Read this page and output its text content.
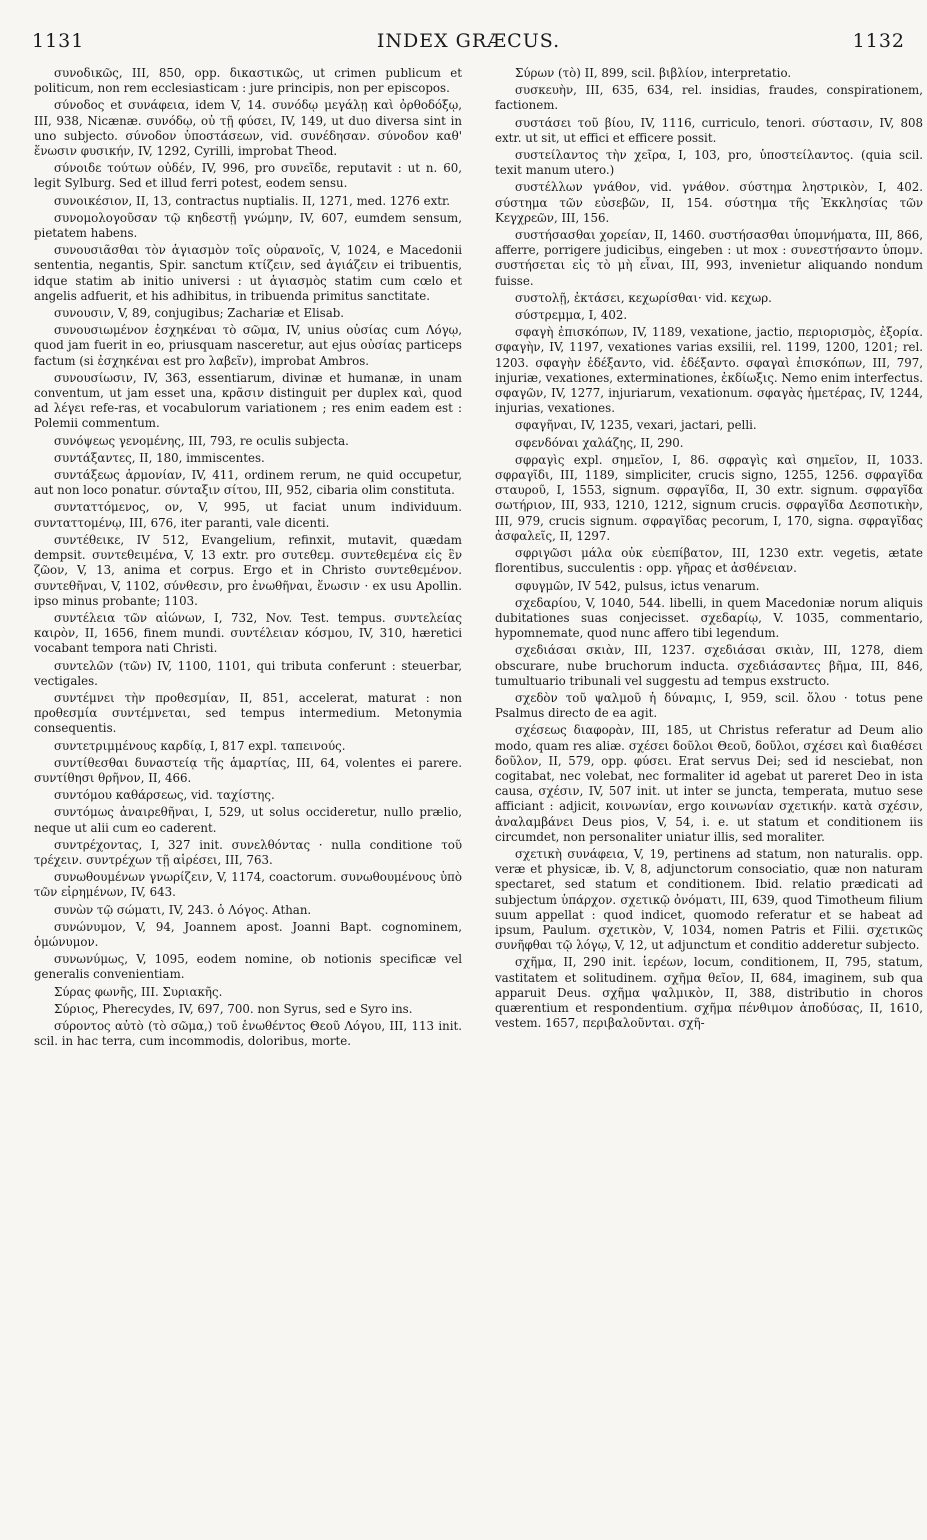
1131	INDEX GRÆCUS.	1132

συνοδικῶς, III, 850, opp. δικαστικῶς, ut crimen publicum et politicum, non rem ecclesiasticam : jure principis, non per episcopos.

σύνοδος et συνάφεια, idem V, 14. συνόδῳ μεγάλῃ καὶ ὀρθοδόξῳ, III, 938, Nicænæ. συνόδῳ, οὐ τῇ φύσει, IV, 149, ut duo diversa sint in uno subjecto. σύνοδον ὑποστάσεων, vid. συνέδησαν. σύνοδον καθ' ἕνωσιν φυσικήν, IV, 1292, Cyrilli, improbat Theod.

σύνοιδε τούτων οὐδέν, IV, 996, pro συνεῖδε, reputavit : ut n. 60, legit Sylburg. Sed et illud ferri potest, eodem sensu.

συνοικέσιον, II, 13, contractus nuptialis. II, 1271, med. 1276 extr.

συνομολογοῦσαν τῷ κηδεστῇ γνώμην, IV, 607, eumdem sensum, pietatem habens.

συνουσιᾶσθαι τὸν ἁγιασμὸν τοῖς οὐρανοῖς, V, 1024, e Macedonii sententia, negantis, Spir. sanctum κτίζειν, sed ἁγιάζειν ei tribuentis, idque statim ab initio universi : ut ἁγιασμὸς statim cum cœlo et angelis adfuerit, et his adhibitus, in tribuenda primitus sanctitate.

συνουσιν, V, 89, conjugibus; Zachariæ et Elisab.

συνουσιωμένον ἐσχηκέναι τὸ σῶμα, IV, unius οὐσίας cum Λόγῳ, quod jam fuerit in eo, priusquam nasceretur, aut ejus οὐσίας particeps factum (si ἐσχηκέναι est pro λαβεῖν), improbat Ambros.

συνουσίωσιν, IV, 363, essentiarum, divinæ et humanæ, in unam conventum, ut jam esset una, κρᾶσιν distinguit per duplex καὶ, quod ad λέγει refe-ras, et vocabulorum variationem ; res enim eadem est : Polemii commentum.

συνόψεως γενομένης, III, 793, re oculis subjecta.

συντάξαντες, II, 180, immiscentes.

συντάξεως ἁρμονίαν, IV, 411, ordinem rerum, ne quid occupetur, aut non loco ponatur. σύνταξιν σίτου, III, 952, cibaria olim constituta.

συνταττόμενος, ον, V, 995, ut faciat unum individuum. συνταττομένῳ, III, 676, iter paranti, vale dicenti.

συντέθεικε, IV 512, Evangelium, refinxit, mutavit, quædam dempsit. συντεθειμένα, V, 13 extr. pro συτεθεμ. συντεθεμένα εἰς ἓν ζῶον, V, 13, anima et corpus. Ergo et in Christo συντεθεμένον. συντεθῆναι, V, 1102, σύνθεσιν, pro ἑνωθῆναι, ἕνωσιν · ex usu Apollin. ipso minus probante; 1103.

συντέλεια τῶν αἰώνων, I, 732, Nov. Test. tempus. συντελείας καιρὸν, II, 1656, finem mundi. συντέλειαν κόσμου, IV, 310, hæretici vocabant tempora nati Christi.

συντελῶν (τῶν) IV, 1100, 1101, qui tributa conferunt : steuerbar, vectigales.

συντέμνει τὴν προθεσμίαν, II, 851, accelerat, maturat : non προθεσμία συντέμνεται, sed tempus intermedium. Metonymia consequentis.

συντετριμμένους καρδίᾳ, I, 817 expl. ταπεινούς.

συντίθεσθαι δυναστείᾳ τῆς ἁμαρτίας, III, 64, volentes ei parere. συντίθησι θρῆνον, II, 466.

συντόμου καθάρσεως, vid. ταχίστης.

συντόμως ἀναιρεθῆναι, I, 529, ut solus occideretur, nullo prælio, neque ut alii cum eo caderent.

συντρέχοντας, I, 327 init. συνελθόντας · nulla conditione τοῦ τρέχειν. συντρέχων τῇ αἱρέσει, III, 763.

συνωθουμένων γνωρίζειν, V, 1174, coactorum. συνωθουμένους ὑπὸ τῶν εἰρημένων, IV, 643.

συνὼν τῷ σώματι, IV, 243. ὁ Λόγος. Athan.

συνώνυμον, V, 94, Joannem apost. Joanni Bapt. cognominem, ὁμώνυμον.

συνωνύμως, V, 1095, eodem nomine, ob notionis specificæ vel generalis convenientiam.

Σύρας φωνῆς, III. Συριακῆς.

Σύριος, Pherecydes, IV, 697, 700. non Syrus, sed e Syro ins.

σύροντος αὐτὸ (τὸ σῶμα,) τοῦ ἑνωθέντος Θεοῦ Λόγου, III, 113 init. scil. in hac terra, cum incommodis, doloribus, morte.

Σύρων (τὸ) II, 899, scil. βιβλίον, interpretatio.

συσκευὴν, III, 635, 634, rel. insidias, fraudes, conspirationem, factionem.

συστάσει τοῦ βίου, IV, 1116, curriculo, tenori. σύστασιν, IV, 808 extr. ut sit, ut effici et efficere possit.

συστείλαντος τὴν χεῖρα, I, 103, pro, ὑποστείλαντος. (quia scil. texit manum utero.)

συστέλλων γνάθον, vid. γνάθον. σύστημα ληστρικὸν, I, 402. σύστημα τῶν εὐσεβῶν, II, 154. σύστημα τῆς Ἐκκλησίας τῶν Κεγχρεῶν, III, 156.

συστήσασθαι χορείαν, II, 1460. συστήσασθαι ὑπομνήματα, III, 866, afferre, porrigere judicibus, eingeben : ut mox : συνεστήσαντο ὑπομν. συστήσεται εἰς τὸ μὴ εἶναι, III, 993, invenietur aliquando nondum fuisse.

συστολῇ, ἐκτάσει, κεχωρίσθαι· vid. κεχωρ.

σύστρεμμα, I, 402.

σφαγὴ ἐπισκόπων, IV, 1189, vexatione, jactio, περιορισμὸς, ἐξορία. σφαγὴν, IV, 1197, vexationes varias exsilii, rel. 1199, 1200, 1201; rel. 1203. σφαγὴν ἐδέξαντο, vid. ἐδέξαντο. σφαγαὶ ἐπισκόπων, III, 797, injuriæ, vexationes, exterminationes, ἐκδίωξις. Nemo enim interfectus. σφαγῶν, IV, 1277, injuriarum, vexationum. σφαγὰς ἡμετέρας, IV, 1244, injurias, vexationes.

σφαγῆναι, IV, 1235, vexari, jactari, pelli.

σφενδόναι χαλάζης, II, 290.

σφραγὶς expl. σημεῖον, I, 86. σφραγὶς καὶ σημεῖον, II, 1033. σφραγῖδι, III, 1189, simpliciter, crucis signo, 1255, 1256. σφραγῖδα σταυροῦ, I, 1553, signum. σφραγῖδα, II, 30 extr. signum. σφραγῖδα σωτήριον, III, 933, 1210, 1212, signum crucis. σφραγῖδα Δεσποτικὴν, III, 979, crucis signum. σφραγῖδας pecorum, I, 170, signa. σφραγῖδας ἀσφαλεῖς, II, 1297.

σφριγῶσι μάλα οὐκ εὐεπίβατον, III, 1230 extr. vegetis, ætate florentibus, succulentis : opp. γῆρας et ἀσθένειαν.

σφυγμῶν, IV 542, pulsus, ictus venarum.

σχεδαρίου, V, 1040, 544. libelli, in quem Macedoniæ norum aliquis dubitationes suas conjecisset. σχεδαρίῳ, V. 1035, commentario, hypomnemate, quod nunc affero tibi legendum.

σχεδιάσαι σκιὰν, III, 1237. σχεδιάσαι σκιὰν, III, 1278, diem obscurare, nube bruchorum inducta. σχεδιάσαντες βῆμα, III, 846, tumultuario tribunali vel suggestu ad tempus exstructo.

σχεδὸν τοῦ ψαλμοῦ ἡ δύναμις, I, 959, scil. ὅλου · totus pene Psalmus directo de ea agit.

σχέσεως διαφορὰν, III, 185, ut Christus referatur ad Deum alio modo, quam res aliæ. σχέσει δοῦλοι Θεοῦ, δοῦλοι, σχέσει καὶ διαθέσει δοῦλον, II, 579, opp. φύσει. Erat servus Dei; sed id nesciebat, non cogitabat, nec volebat, nec formaliter id agebat ut pareret Deo in ista causa, σχέσιν, IV, 507 init. ut inter se juncta, temperata, mutuo sese afficiant : adjicit, κοινωνίαν, ergo κοινωνίαν σχετικήν. κατὰ σχέσιν, ἀναλαμβάνει Deus pios, V, 54, i. e. ut statum et conditionem iis circumdet, non personaliter uniatur illis, sed moraliter.

σχετικὴ συνάφεια, V, 19, pertinens ad statum, non naturalis. opp. veræ et physicæ, ib. V, 8, adjunctorum consociatio, quæ non naturam spectaret, sed statum et conditionem. Ibid. relatio prædicati ad subjectum ὑπάρχον. σχετικῷ ὀνόματι, III, 639, quod Timotheum filium suum appellat : quod indicet, quomodo referatur et se habeat ad ipsum, Paulum. σχετικὸν, V, 1034, nomen Patris et Filii. σχετικῶς συνῆφθαι τῷ λόγῳ, V, 12, ut adjunctum et conditio adderetur subjecto.

σχῆμα, II, 290 init. ἱερέων, locum, conditionem, II, 795, statum, vastitatem et solitudinem. σχῆμα θεῖον, II, 684, imaginem, sub qua apparuit Deus. σχῆμα ψαλμικὸν, II, 388, distributio in choros quærentium et respondentium. σχῆμα πένθιμον ἀποδύσας, II, 1610, vestem. 1657, περιβαλοῦνται. σχῆ-
